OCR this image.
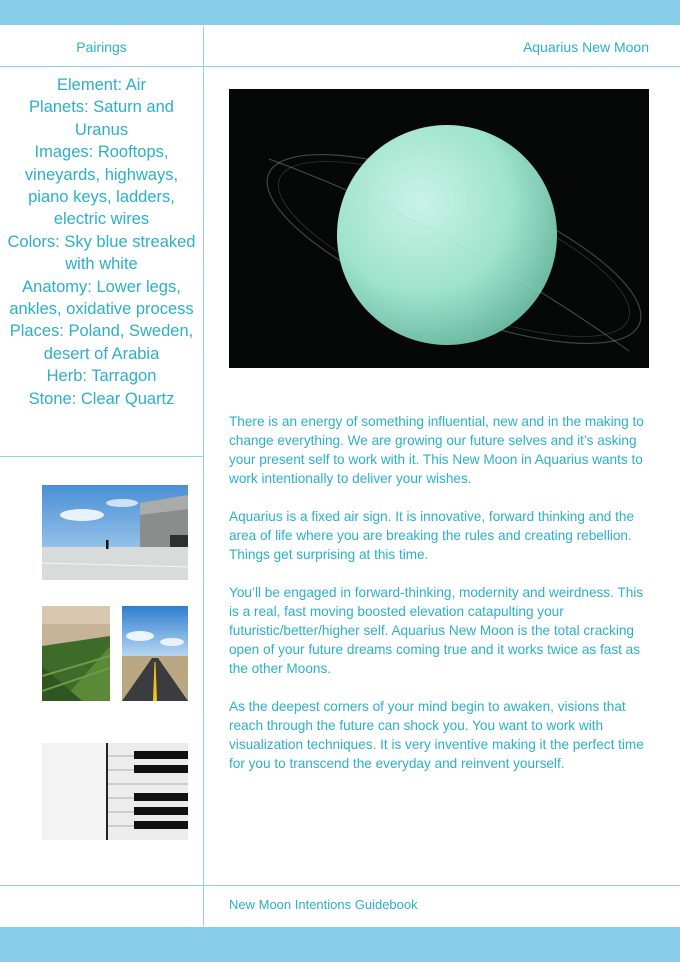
Pairings	Aquarius New Moon
Element: Air
Planets: Saturn and Uranus
Images: Rooftops, vineyards, highways, piano keys, ladders, electric wires
Colors: Sky blue streaked with white
Anatomy: Lower legs, ankles, oxidative process
Places: Poland, Sweden, desert of Arabia
Herb: Tarragon
Stone: Clear Quartz

There is an energy of something influential, new and in the making to change everything. We are growing our future selves and it’s asking your present self to work with it. This New Moon in Aquarius wants to work intentionally to deliver your wishes.

Aquarius is a fixed air sign. It is innovative, forward thinking and the area of life where you are breaking the rules and creating rebellion. Things get surprising at this time.

You’ll be engaged in forward-thinking, modernity and weirdness. This is a real, fast moving boosted elevation catapulting your futuristic/better/higher self. Aquarius New Moon is the total cracking open of your future dreams coming true and it works twice as fast as the other Moons.

As the deepest corners of your mind begin to awaken, visions that reach through the future can shock you. You want to work with visualization techniques. It is very inventive making it the perfect time for you to transcend the everyday and reinvent yourself.

New Moon Intentions Guidebook
